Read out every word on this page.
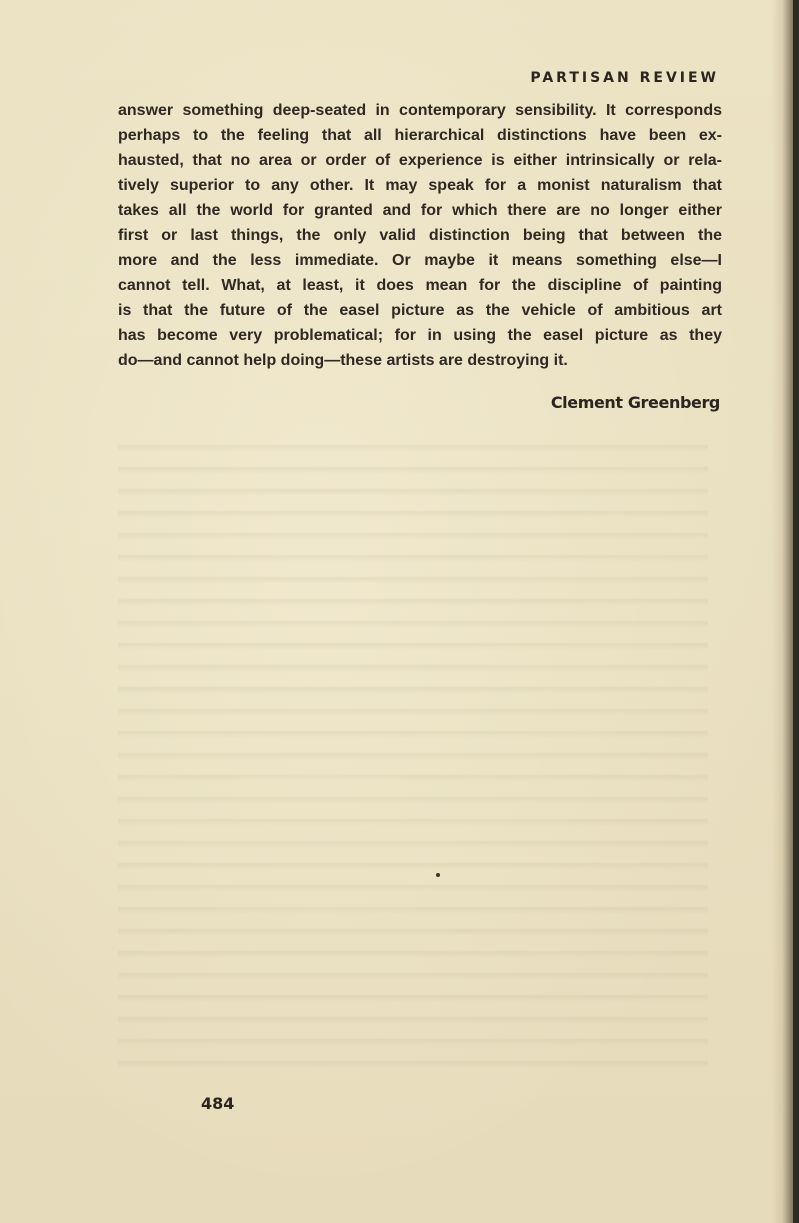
PARTISAN REVIEW
answer something deep-seated in contemporary sensibility. It corresponds
perhaps to the feeling that all hierarchical distinctions have been ex-
hausted, that no area or order of experience is either intrinsically or rela-
tively superior to any other. It may speak for a monist naturalism that
takes all the world for granted and for which there are no longer either
first or last things, the only valid distinction being that between the
more and the less immediate. Or maybe it means something else—I
cannot tell. What, at least, it does mean for the discipline of painting
is that the future of the easel picture as the vehicle of ambitious art
has become very problematical; for in using the easel picture as they
do—and cannot help doing—these artists are destroying it.
Clement Greenberg
484
